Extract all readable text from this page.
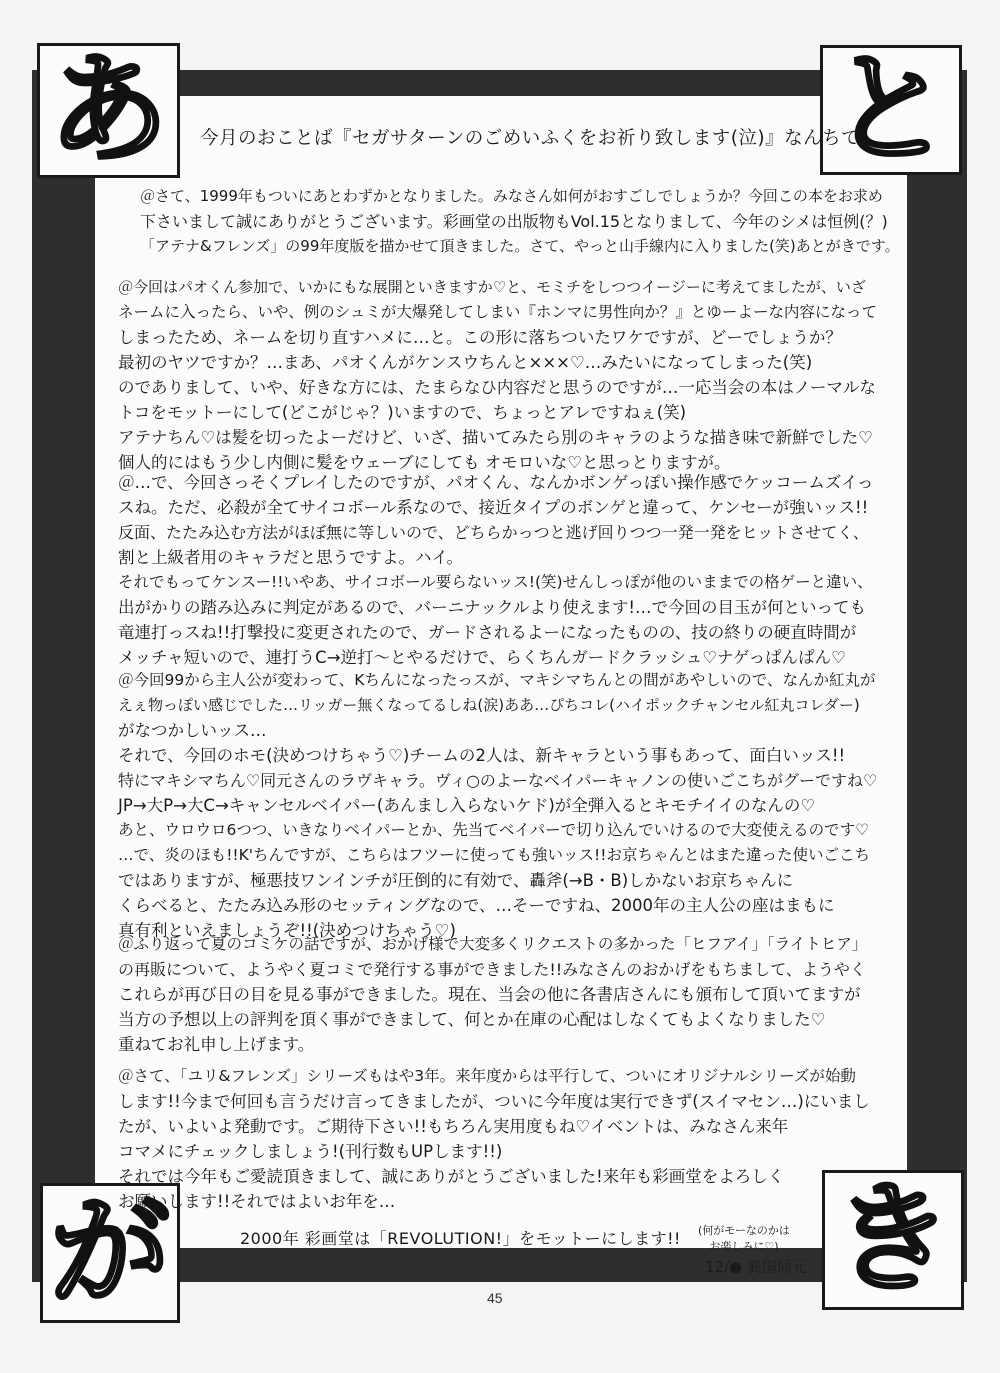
あ	と
が	き
今月のおことば『セガサターンのごめいふくをお祈り致します(泣)』なんちて。
＠さて、1999年もついにあとわずかとなりました。みなさん如何がおすごしでしょうか？今回この本をお求め
下さいまして誠にありがとうございます。彩画堂の出版物もVol.15となりまして、今年のシメは恒例(？)
「アテナ&フレンズ」の99年度版を描かせて頂きました。さて、やっと山手線内に入りました(笑)あとがきです。
＠今回はパオくん参加で、いかにもな展開といきますか♡と、モミチをしつつイージーに考えてましたが、いざ
ネームに入ったら、いや、例のシュミが大爆発してしまい『ホンマに男性向か？』とゆーよーな内容になって
しまったため、ネームを切り直すハメに…と。この形に落ちついたワケですが、どーでしょうか？
最初のヤツですか？…まあ、パオくんがケンスウちんと×××♡…みたいになってしまった(笑)
のでありまして、いや、好きな方には、たまらなひ内容だと思うのですが…一応当会の本はノーマルな
トコをモットーにして(どこがじゃ？)いますので、ちょっとアレですねぇ(笑)
アテナちん♡は髪を切ったよーだけど、いざ、描いてみたら別のキャラのような描き味で新鮮でした♡
個人的にはもう少し内側に髪をウェーブにしても オモロいな♡と思っとりますが。
＠…で、今回さっそくプレイしたのですが、パオくん、なんかボンゲっぽい操作感でケッコームズイっ
スね。ただ、必殺が全てサイコボール系なので、接近タイプのボンゲと違って、ケンセーが強いッス!!
反面、たたみ込む方法がほぼ無に等しいので、どちらかっつと逃げ回りつつ一発一発をヒットさせてく、
割と上級者用のキャラだと思うですよ。ハイ。
それでもってケンスー!!いやあ、サイコボール要らないッス!(笑)せんしっぽが他のいままでの格ゲーと違い、
出がかりの踏み込みに判定があるので、バーニナックルより使えます!…で今回の目玉が何といっても
竜連打っスね!!打撃投に変更されたので、ガードされるよーになったものの、技の終りの硬直時間が
メッチャ短いので、連打うC→逆打～とやるだけで、らくちんガードクラッシュ♡ナゲっぱんぱん♡
＠今回99から主人公が変わって、Kちんになったっスが、マキシマちんとの間があやしいので、なんか紅丸が
えぇ物っぽい感じでした…リッガー無くなってるしね(涙)ああ…ぴちコレ(ハイポックチャンセル紅丸コレダー)
がなつかしいッス…
それで、今回のホモ(決めつけちゃう♡)チームの2人は、新キャラという事もあって、面白いッス!!
特にマキシマちん♡同元さんのラヴキャラ。ヴィ○のよーなベイパーキャノンの使いごこちがグーですね♡
JP→大P→大C→キャンセルベイパー(あんまし入らないケド)が全弾入るとキモチイイのなんの♡
あと、ウロウロ6つつ、いきなりベイパーとか、先当てベイパーで切り込んでいけるので大変使えるのです♡
…で、炎のほも!!K'ちんですが、こちらはフツーに使っても強いッス!!お京ちゃんとはまた違った使いごこち
ではありますが、極悪技ワンインチが圧倒的に有効で、轟斧(→B・B)しかないお京ちゃんに
くらべると、たたみ込み形のセッティングなので、…そーですね、2000年の主人公の座はまもに
真有利といえましょうぞ!!(決めつけちゃう♡)
＠ふり返って夏のコミケの話ですが、おかげ様で大変多くリクエストの多かった「ヒフアイ」「ライトヒア」
の再販について、ようやく夏コミで発行する事ができました!!みなさんのおかげをもちまして、ようやく
これらが再び日の目を見る事ができました。現在、当会の他に各書店さんにも頒布して頂いてますが
当方の予想以上の評判を頂く事ができまして、何とか在庫の心配はしなくてもよくなりました♡
重ねてお礼申し上げます。
＠さて、「ユリ&フレンズ」シリーズもはや3年。来年度からは平行して、ついにオリジナルシリーズが始動
します!!今まで何回も言うだけ言ってきましたが、ついに今年度は実行できず(スイマセン…)にいまし
たが、いよいよ発動です。ご期待下さい!!もちろん実用度もね♡イベントは、みなさん来年
コマメにチェックしましょう!(刊行数もUPします!!)
それでは今年もご愛読頂きまして、誠にありがとうございました!来年も彩画堂をよろしく
お願いします!!それではよいお年を…
2000年 彩画堂は「REVOLUTION!」をモットーにします!! (何がモーなのかは
お楽しみに♡)
12/● 異国同元
45
